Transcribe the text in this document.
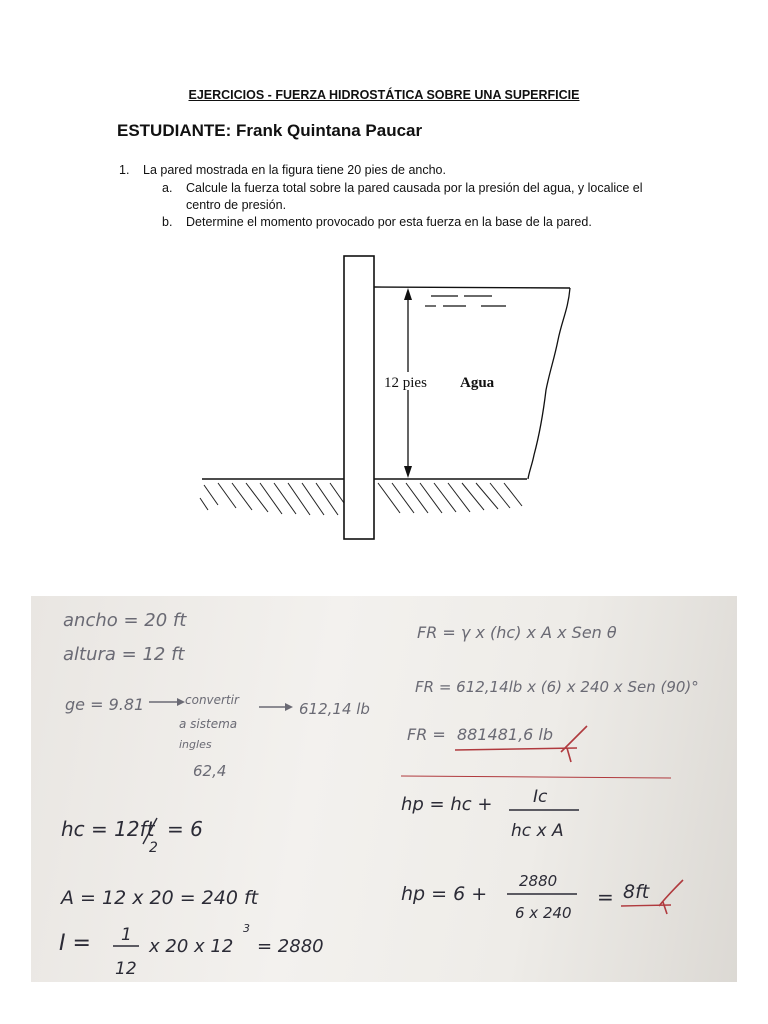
EJERCICIOS - FUERZA HIDROSTÁTICA SOBRE UNA SUPERFICIE
ESTUDIANTE: Frank Quintana Paucar
1. La pared mostrada en la figura tiene 20 pies de ancho.
a. Calcule la fuerza total sobre la pared causada por la presión del agua, y localice el centro de presión.
b. Determine el momento provocado por esta fuerza en la base de la pared.
12 pies Agua
ancho = 20 ft
altura = 12 ft
ge = 9.81	convertir
a sistema
ingles
62,4
612,14 lb
hc = 12ft
2
= 6
A = 12 x 20 = 240 ft
I = 1
12
x 20 x 12
3
= 2880
FR = γ x (hc) x A x Sen θ
FR = 612,14lb x (6) x 240 x Sen (90)°
FR = 881481,6 lb
hp = hc + Ic
hc x A
hp = 6 +
2880
6 x 240
= 8ft
